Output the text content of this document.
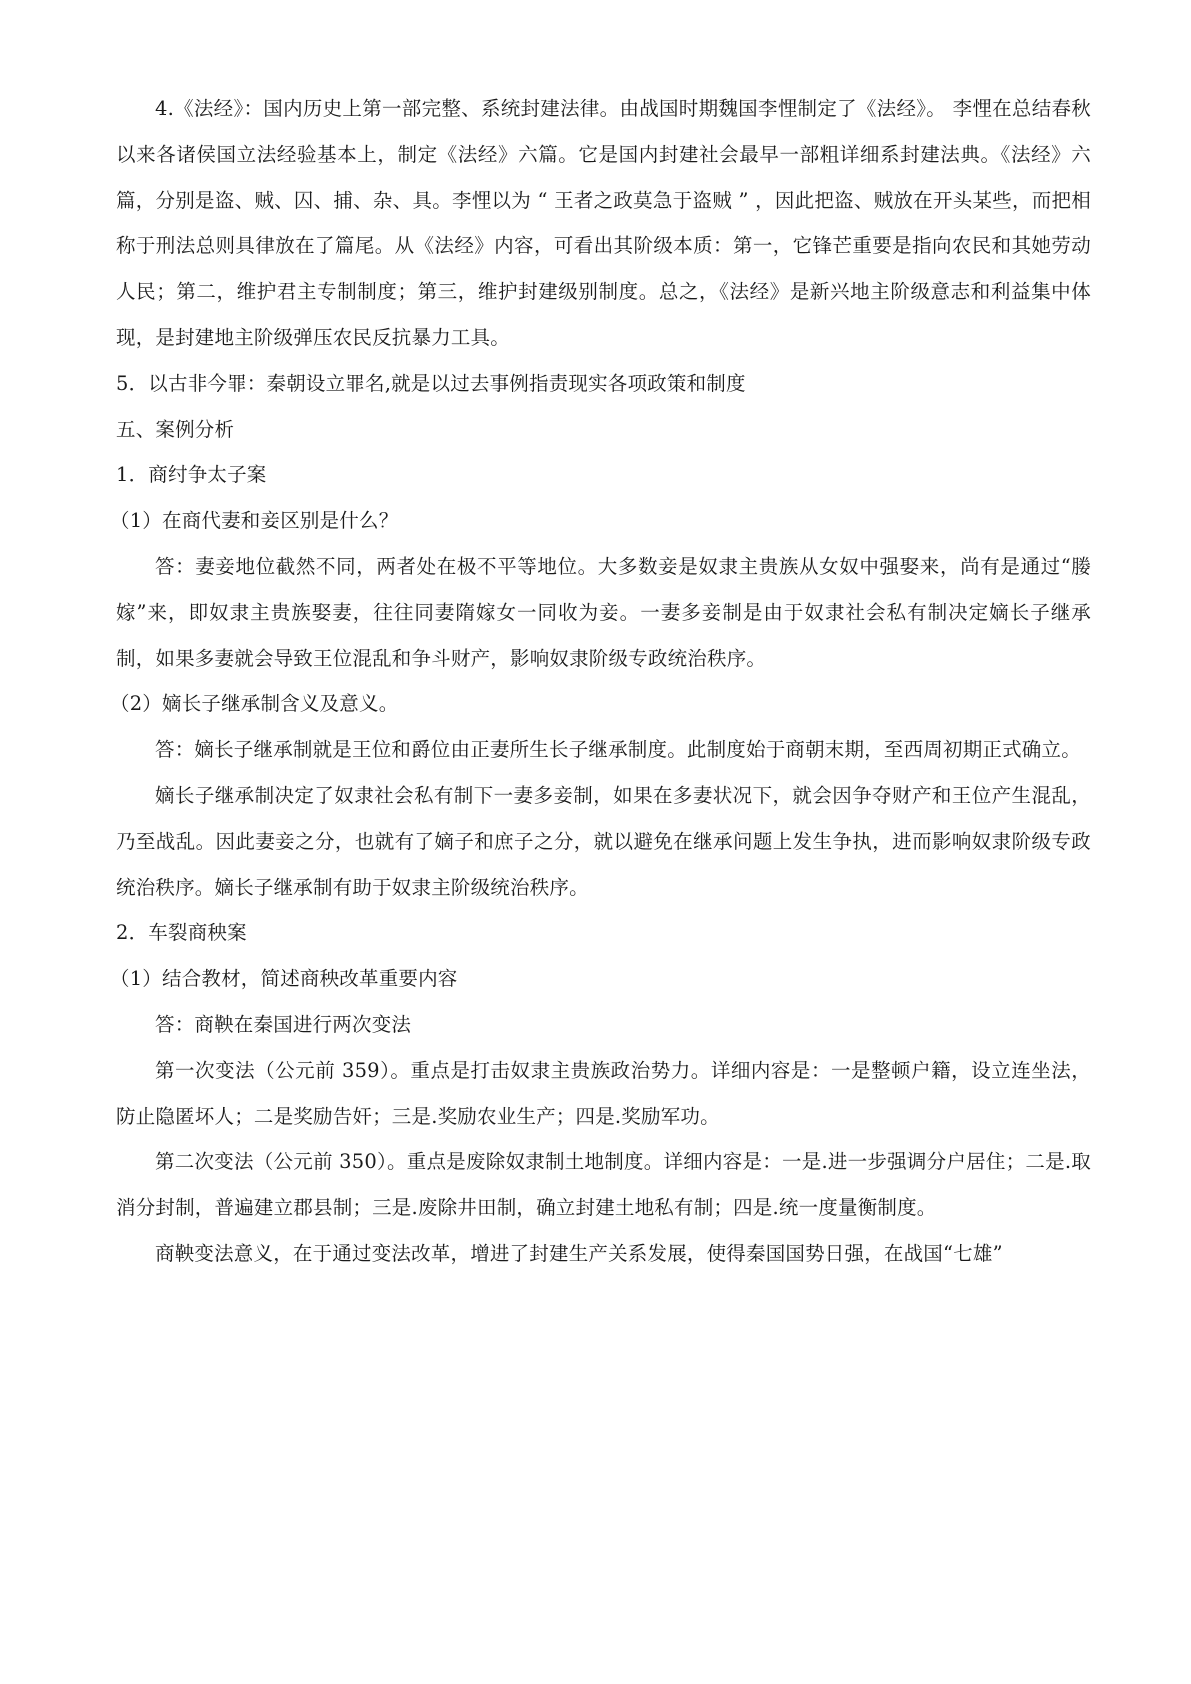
4.《法经》：国内历史上第一部完整、系统封建法律。由战国时期魏国李悝制定了《法经》。 李悝在总结春秋以来各诸侯国立法经验基本上，制定《法经》六篇。它是国内封建社会最早一部粗详细系封建法典。《法经》六篇，分别是盗、贼、囚、捕、杂、具。李悝以为 “ 王者之政莫急于盗贼 ” ，因此把盗、贼放在开头某些，而把相称于刑法总则具律放在了篇尾。从《法经》内容，可看出其阶级本质：第一，它锋芒重要是指向农民和其她劳动人民；第二，维护君主专制制度；第三，维护封建级别制度。总之，《法经》是新兴地主阶级意志和利益集中体现，是封建地主阶级弹压农民反抗暴力工具。

5．以古非今罪：秦朝设立罪名,就是以过去事例指责现实各项政策和制度

五、案例分析

1．商纣争太子案

（1）在商代妻和妾区别是什么？

答：妻妾地位截然不同，两者处在极不平等地位。大多数妾是奴隶主贵族从女奴中强娶来，尚有是通过“媵嫁”来，即奴隶主贵族娶妻，往往同妻隋嫁女一同收为妾。一妻多妾制是由于奴隶社会私有制决定嫡长子继承制，如果多妻就会导致王位混乱和争斗财产，影响奴隶阶级专政统治秩序。

（2）嫡长子继承制含义及意义。

答：嫡长子继承制就是王位和爵位由正妻所生长子继承制度。此制度始于商朝末期，至西周初期正式确立。

嫡长子继承制决定了奴隶社会私有制下一妻多妾制，如果在多妻状况下，就会因争夺财产和王位产生混乱，乃至战乱。因此妻妾之分，也就有了嫡子和庶子之分，就以避免在继承问题上发生争执，进而影响奴隶阶级专政统治秩序。嫡长子继承制有助于奴隶主阶级统治秩序。

2．车裂商秧案

（1）结合教材，简述商秧改革重要内容

答：商鞅在秦国进行两次变法

第一次变法（公元前 359）。重点是打击奴隶主贵族政治势力。详细内容是：一是整顿户籍，设立连坐法，防止隐匿坏人；二是奖励告奸；三是.奖励农业生产；四是.奖励军功。

第二次变法（公元前 350）。重点是废除奴隶制土地制度。详细内容是：一是.进一步强调分户居住；二是.取消分封制，普遍建立郡县制；三是.废除井田制，确立封建土地私有制；四是.统一度量衡制度。

商鞅变法意义，在于通过变法改革，增进了封建生产关系发展，使得秦国国势日强，在战国“七雄”
